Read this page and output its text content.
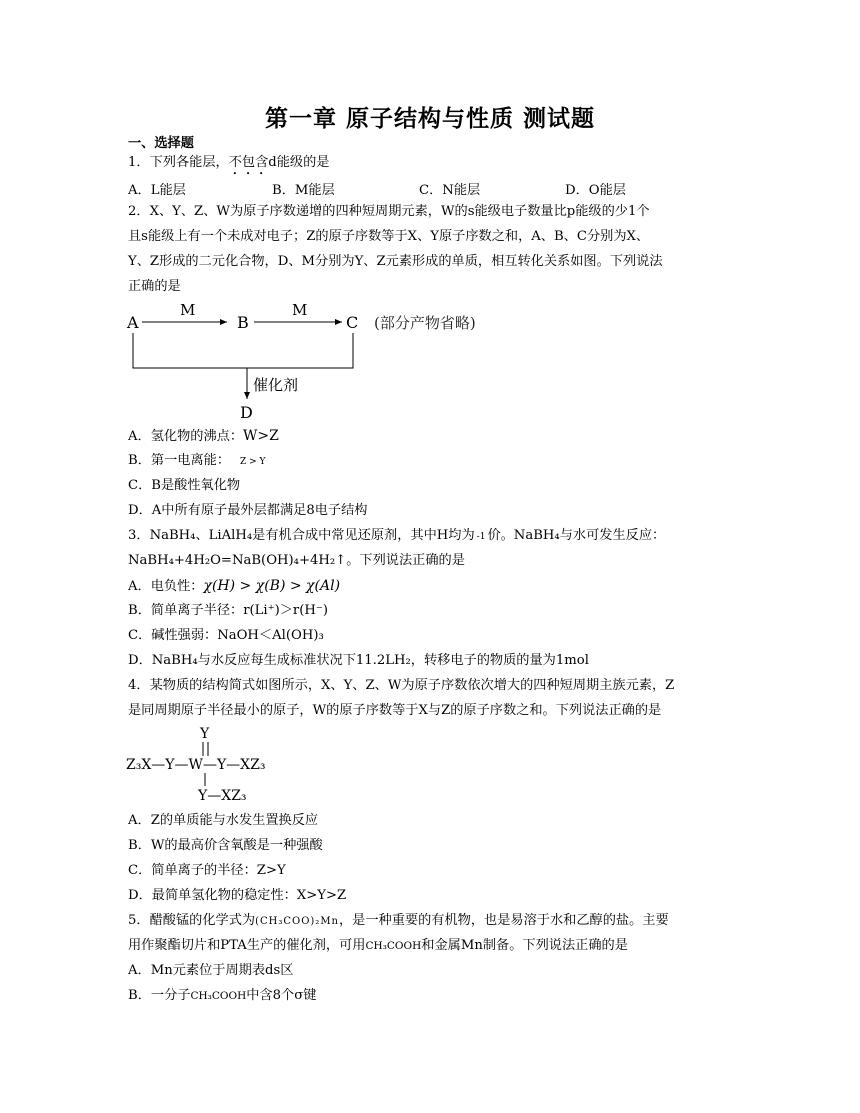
第一章 原子结构与性质 测试题
一、选择题
1．下列各能层，不包含d能级的是
A．L能层	B．M能层	C．N能层	D．O能层
2．X、Y、Z、W为原子序数递增的四种短周期元素，W的s能级电子数量比p能级的少1个
且s能级上有一个未成对电子；Z的原子序数等于X、Y原子序数之和，A、B、C分别为X、
Y、Z形成的二元化合物，D、M分别为Y、Z元素形成的单质，相互转化关系如图。下列说法
正确的是
A
M
B
M
C (部分产物省略)
催化剂
D
A．氢化物的沸点：W>Z
B．第一电离能： Z > Y
C．B是酸性氧化物
D．A中所有原子最外层都满足8电子结构
3．NaBH₄、LiAlH₄是有机合成中常见还原剂，其中H均为 -1 价。NaBH₄与水可发生反应：
NaBH₄+4H₂O=NaB(OH)₄+4H₂↑。下列说法正确的是
A．电负性：χ(H) > χ(B) > χ(Al)
B．简单离子半径：r(Li⁺)＞r(H⁻)
C．碱性强弱：NaOH＜Al(OH)₃
D．NaBH₄与水反应每生成标准状况下11.2LH₂，转移电子的物质的量为1mol
4．某物质的结构简式如图所示，X、Y、Z、W为原子序数依次增大的四种短周期主族元素，Z
是同周期原子半径最小的原子，W的原子序数等于X与Z的原子序数之和。下列说法正确的是
Y
Z₃X—Y—W—Y—XZ₃
Y—XZ₃
A．Z的单质能与水发生置换反应
B．W的最高价含氧酸是一种强酸
C．简单离子的半径：Z>Y
D．最简单氢化物的稳定性：X>Y>Z
5．醋酸锰的化学式为(CH₃COO)₂Mn，是一种重要的有机物，也是易溶于水和乙醇的盐。主要
用作聚酯切片和PTA生产的催化剂，可用CH₃COOH和金属Mn制备。下列说法正确的是
A．Mn元素位于周期表ds区
B．一分子CH₃COOH中含8个σ键
